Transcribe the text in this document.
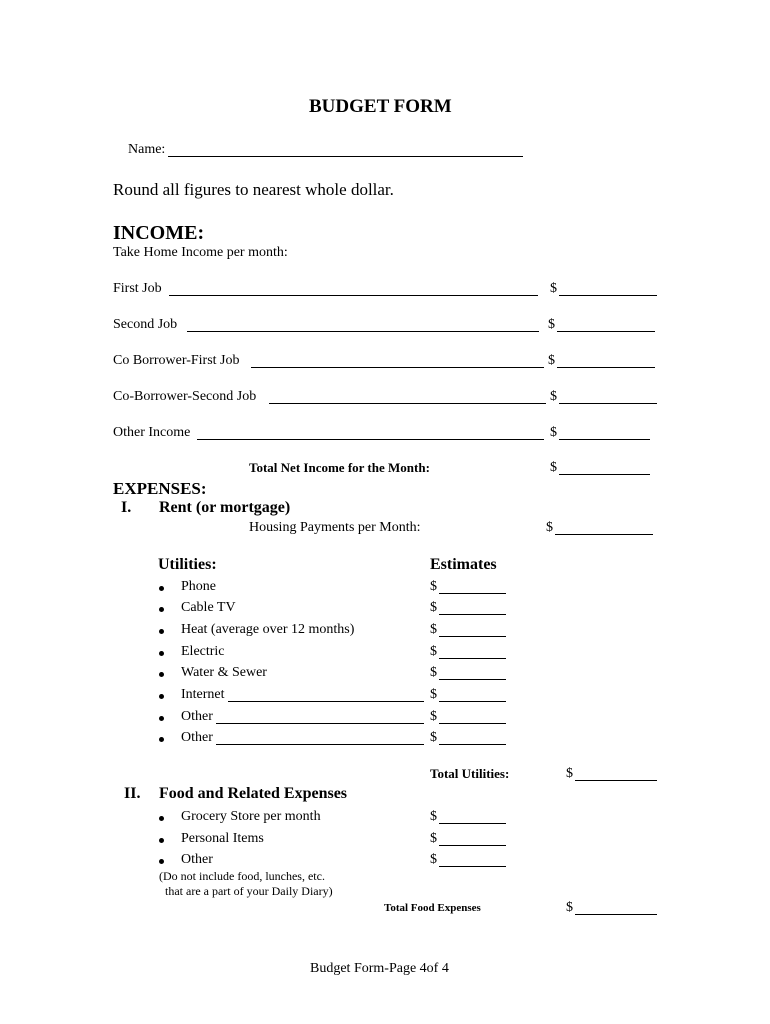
BUDGET FORM
Name:
Round all figures to nearest whole dollar.
INCOME:
Take Home Income per month:
First Job	$
Second Job	$
Co Borrower-First Job	$
Co-Borrower-Second Job	$
Other Income	$
Total Net Income for the Month:	$
EXPENSES:
I. Rent (or mortgage)
Housing Payments per Month:	$
Utilities:	Estimates
Phone	$
Cable TV	$
Heat (average over 12 months)	$
Electric	$
Water & Sewer	$
Internet	$
Other	$
Other	$
Total Utilities:	$
II. Food and Related Expenses
Grocery Store per month	$
Personal Items	$
Other	$
(Do not include food, lunches, etc.
that are a part of your Daily Diary)
Total Food Expenses	$
Budget Form-Page 4of 4
